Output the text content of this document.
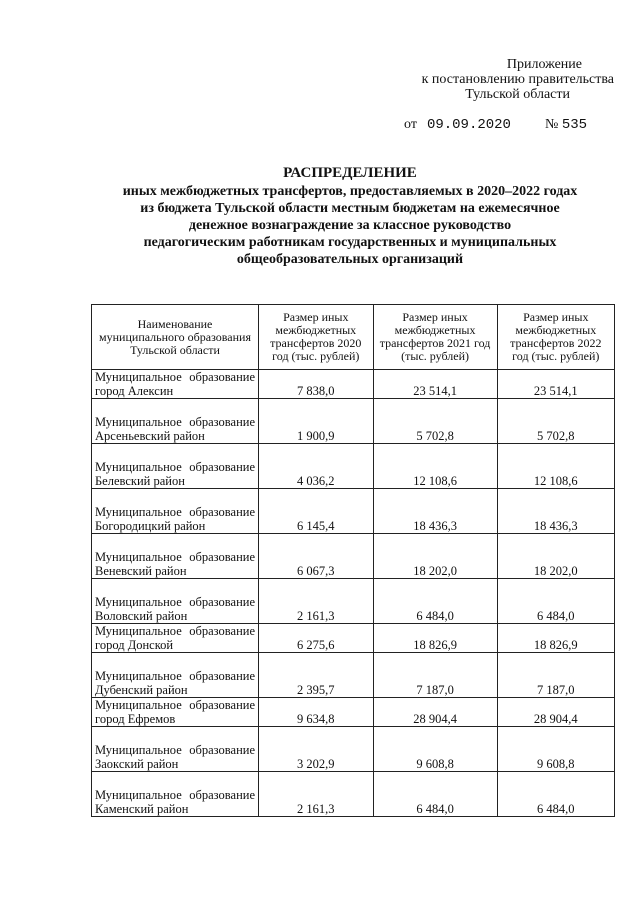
Приложение
к постановлению правительства
Тульской области
от 09.09.2020 № 535
РАСПРЕДЕЛЕНИЕ
иных межбюджетных трансфертов, предоставляемых в 2020–2022 годах
из бюджета Тульской области местным бюджетам на ежемесячное
денежное вознаграждение за классное руководство
педагогическим работникам государственных и муниципальных
общеобразовательных организаций
Наименование муниципального образования Тульской области	Размер иных межбюджетных трансфертов 2020 год (тыс. рублей)	Размер иных межбюджетных трансфертов 2021 год (тыс. рублей)	Размер иных межбюджетных трансфертов 2022 год (тыс. рублей)
Муниципальное образование город Алексин	7 838,0	23 514,1	23 514,1
Муниципальное образование Арсеньевский район	1 900,9	5 702,8	5 702,8
Муниципальное образование Белевский район	4 036,2	12 108,6	12 108,6
Муниципальное образование Богородицкий район	6 145,4	18 436,3	18 436,3
Муниципальное образование Веневский район	6 067,3	18 202,0	18 202,0
Муниципальное образование Воловский район	2 161,3	6 484,0	6 484,0
Муниципальное образование город Донской	6 275,6	18 826,9	18 826,9
Муниципальное образование Дубенский район	2 395,7	7 187,0	7 187,0
Муниципальное образование город Ефремов	9 634,8	28 904,4	28 904,4
Муниципальное образование Заокский район	3 202,9	9 608,8	9 608,8
Муниципальное образование Каменский район	2 161,3	6 484,0	6 484,0
